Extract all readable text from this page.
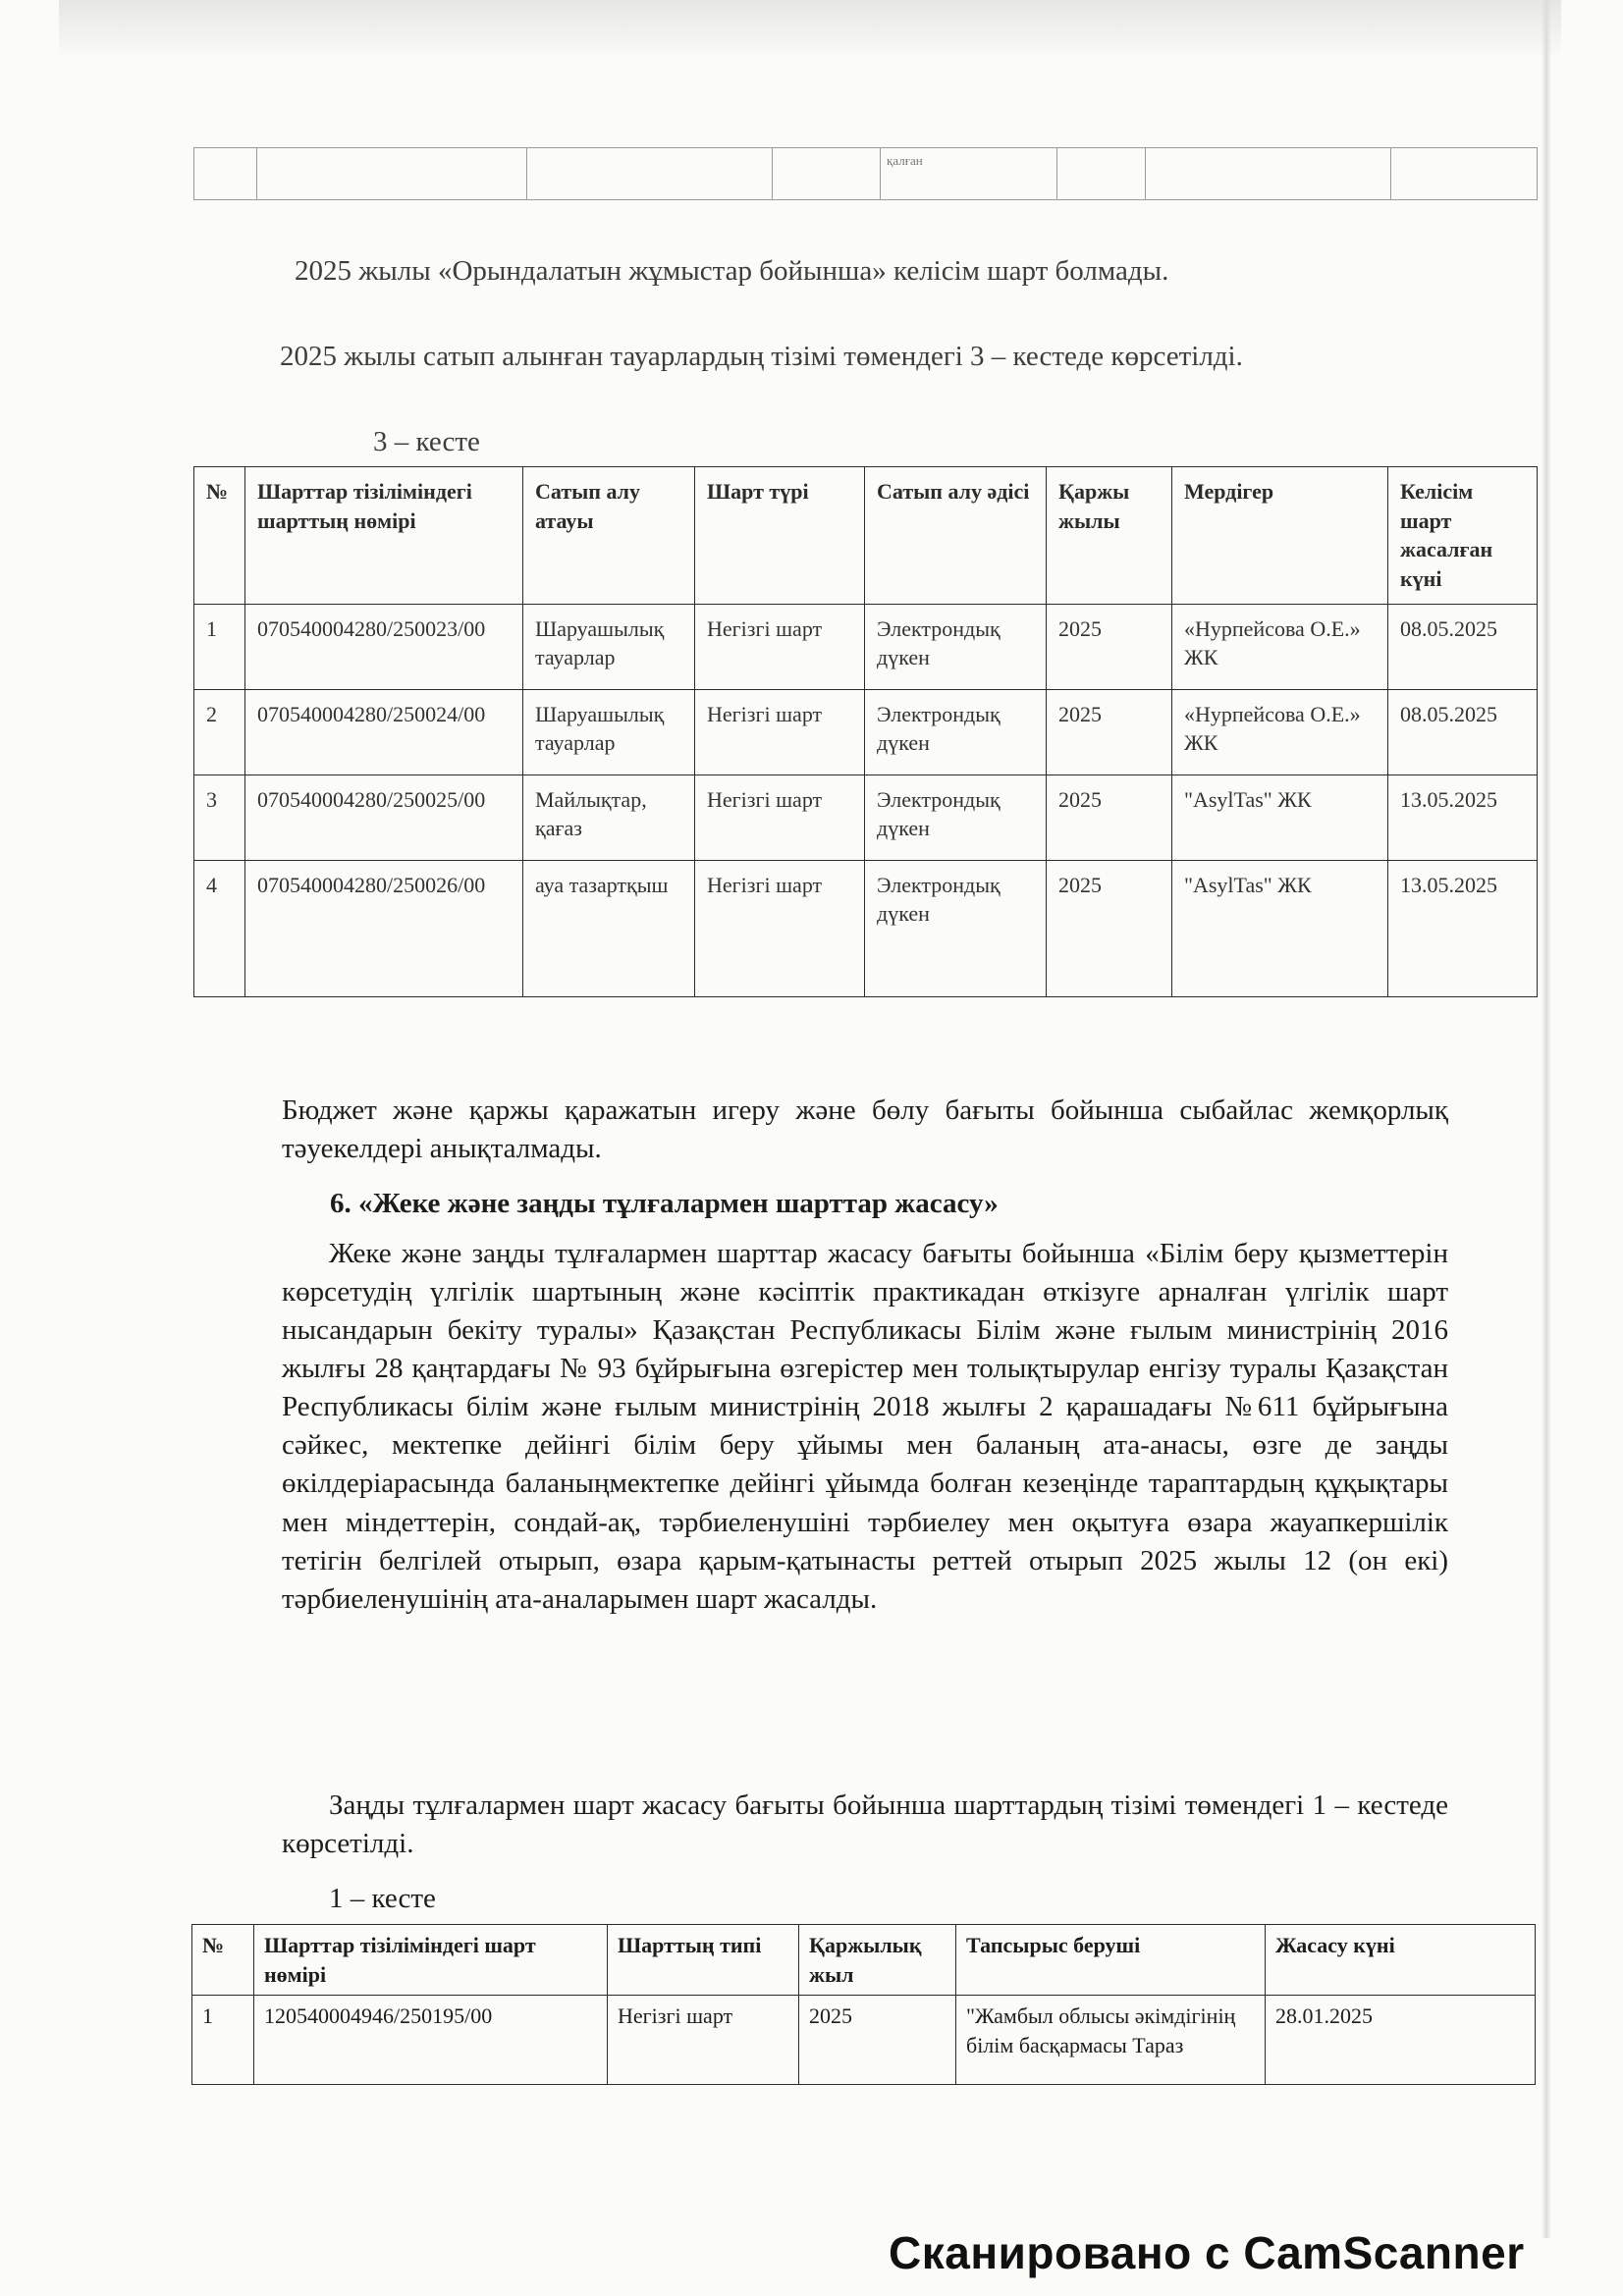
				қалған			

2025 жылы «Орындалатын жұмыстар бойынша» келісім шарт болмады.

2025 жылы сатып алынған тауарлардың тізімі төмендегі 3 – кестеде көрсетілді.

3 – кесте

№	Шарттар тізіліміндегі шарттың нөмірі	Сатып алу атауы	Шарт түрі	Сатып алу әдісі	Қаржы жылы	Мердігер	Келісім шарт жасалған күні
1	070540004280/250023/00	Шаруашылық тауарлар	Негізгі шарт	Электрондық дүкен	2025	«Нурпейсова О.Е.» ЖК	08.05.2025
2	070540004280/250024/00	Шаруашылық тауарлар	Негізгі шарт	Электрондық дүкен	2025	«Нурпейсова О.Е.» ЖК	08.05.2025
3	070540004280/250025/00	Майлықтар, қағаз	Негізгі шарт	Электрондық дүкен	2025	"AsylTas" ЖК	13.05.2025
4	070540004280/250026/00	ауа тазартқыш	Негізгі шарт	Электрондық дүкен	2025	"AsylTas" ЖК	13.05.2025

Бюджет және қаржы қаражатын игеру және бөлу бағыты бойынша сыбайлас жемқорлық тәуекелдері анықталмады.

6. «Жеке және заңды тұлғалармен шарттар жасасу»

Жеке және заңды тұлғалармен шарттар жасасу бағыты бойынша «Білім беру қызметтерін көрсетудің үлгілік шартының және кәсіптік практикадан өткізуге арналған үлгілік шарт нысандарын бекіту туралы» Қазақстан Республикасы Білім және ғылым министрінің 2016 жылғы 28 қаңтардағы № 93 бұйрығына өзгерістер мен толықтырулар енгізу туралы Қазақстан Республикасы білім және ғылым министрінің 2018 жылғы 2 қарашадағы №611 бұйрығына сәйкес, мектепке дейінгі білім беру ұйымы мен баланың ата-анасы, өзге де заңды өкілдеріарасында баланыңмектепке дейінгі ұйымда болған кезеңінде тараптардың құқықтары мен міндеттерін, сондай-ақ, тәрбиеленушіні тәрбиелеу мен оқытуға өзара жауапкершілік тетігін белгілей отырып, өзара қарым-қатынасты реттей отырып 2025 жылы 12 (он екі) тәрбиеленушінің ата-аналарымен шарт жасалды.

Заңды тұлғалармен шарт жасасу бағыты бойынша шарттардың тізімі төмендегі 1 – кестеде көрсетілді.

1 – кесте

№	Шарттар тізіліміндегі шарт нөмірі	Шарттың типі	Қаржылық жыл	Тапсырыс беруші	Жасасу күні
1	120540004946/250195/00	Негізгі шарт	2025	"Жамбыл облысы әкімдігінің білім басқармасы Тараз	28.01.2025
Сканировано с CamScanner
